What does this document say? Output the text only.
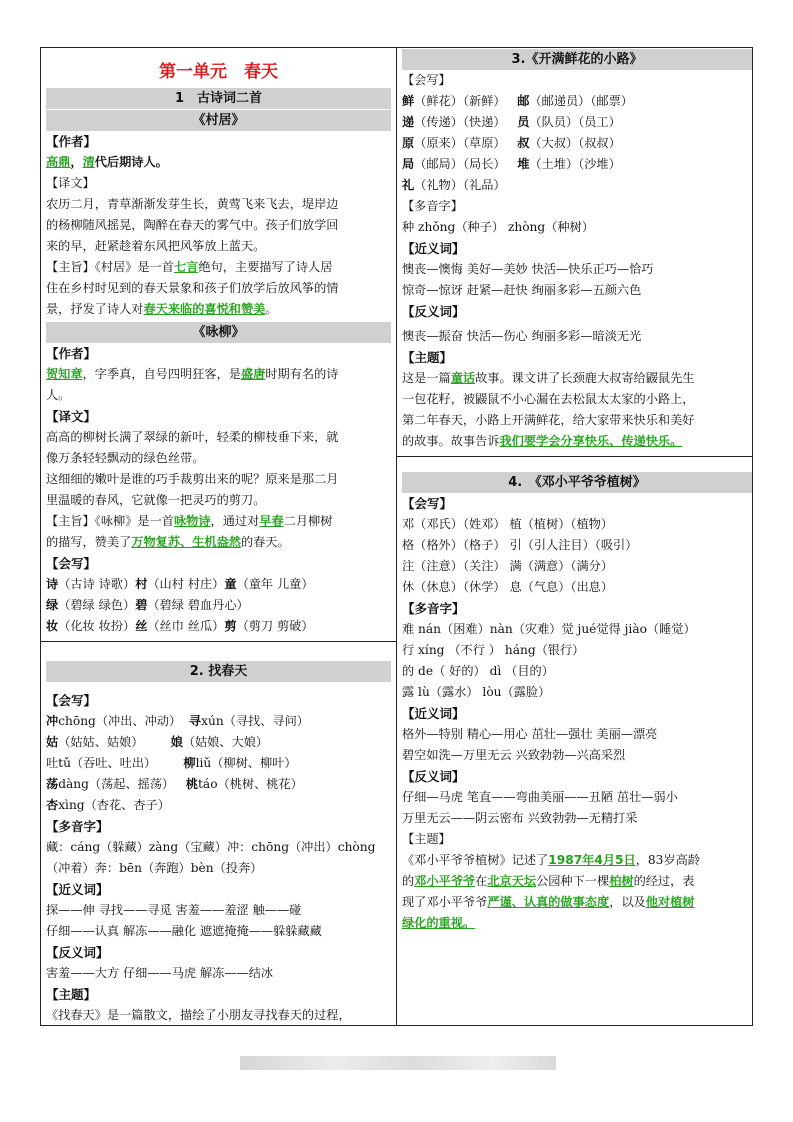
第一单元　春天

1　古诗词二首
《村居》

【作者】

高鼎，清代后期诗人。

【译文】

农历二月，青草渐渐发芽生长，黄莺飞来飞去，堤岸边

的杨柳随风摇晃，陶醉在春天的雾气中。孩子们放学回

来的早，赶紧趁着东风把风筝放上蓝天。

【主旨】《村居》是一首七言绝句，主要描写了诗人居

住在乡村时见到的春天景象和孩子们放学后放风筝的情

景，抒发了诗人对春天来临的喜悦和赞美。

《咏柳》

【作者】

贺知章，字季真，自号四明狂客，是盛唐时期有名的诗

人。

【译文】

高高的柳树长满了翠绿的新叶，轻柔的柳枝垂下来，就

像万条轻轻飘动的绿色丝带。

这细细的嫩叶是谁的巧手裁剪出来的呢？原来是那二月

里温暖的春风，它就像一把灵巧的剪刀。

【主旨】《咏柳》是一首咏物诗，通过对早春二月柳树

的描写，赞美了万物复苏、生机盎然的春天。

【会写】

诗（古诗 诗歌）村（山村 村庄）童（童年 儿童）

绿（碧绿 绿色）碧（碧绿 碧血丹心）

妆（化妆 妆扮）丝（丝巾 丝瓜）剪（剪刀 剪破）

2. 找春天

【会写】

冲chōng（冲出、冲动） 寻xún（寻找、寻问）

姑（姑姑、姑娘） 娘（姑娘、大娘）

吐tǔ（吞吐、吐出） 柳liǔ（柳树、柳叶）

荡dàng（荡起、摇荡） 桃táo（桃树、桃花）

杏xìng（杏花、杏子）

【多音字】

藏：cáng（躲藏）zàng（宝藏）冲：chōng（冲出）chòng

（冲着）奔：bēn（奔跑）bèn（投奔）

【近义词】

探——伸 寻找——寻觅 害羞——羞涩 触——碰

仔细——认真 解冻——融化 遮遮掩掩——躲躲藏藏

【反义词】

害羞——大方 仔细——马虎 解冻——结冰

【主题】

《找春天》是一篇散文，描绘了小朋友寻找春天的过程，

3.《开满鲜花的小路》

【会写】

鲜（鲜花）（新鲜） 邮（邮递员）（邮票）

递（传递）（快递） 员（队员）（员工）

原（原来）（草原） 叔（大叔）（叔叔）

局（邮局）（局长） 堆（土堆）（沙堆）

礼（礼物）（礼品）

【多音字】

种 zhǒng（种子） zhòng（种树）

【近义词】

懊丧—懊悔 美好—美妙 快活—快乐正巧—恰巧

惊奇—惊讶 赶紧—赶快 绚丽多彩—五颜六色

【反义词】

懊丧—振奋 快活—伤心 绚丽多彩—暗淡无光

【主题】

这是一篇童话故事。课文讲了长颈鹿大叔寄给鼹鼠先生

一包花籽，被鼹鼠不小心漏在去松鼠太太家的小路上，

第二年春天，小路上开满鲜花，给大家带来快乐和美好

的故事。故事告诉我们要学会分享快乐、传递快乐。

4.　《邓小平爷爷植树》

【会写】

邓（邓氏）（姓邓） 植（植树）（植物）

格（格外）（格子） 引（引人注目）（吸引）

注（注意）（关注） 满（满意）（满分）

休（休息）（休学） 息（气息）（出息）

【多音字】

难 nán（困难）nàn（灾难）觉 jué觉得 jiào（睡觉）

行 xíng （不行 ） háng（银行）

的 de（ 好的） dì （目的）

露 lù（露水） lòu（露脸）

【近义词】

格外—特别 精心—用心 茁壮—强壮 美丽—漂亮

碧空如洗—万里无云 兴致勃勃—兴高采烈

【反义词】

仔细—马虎 笔直——弯曲美丽——丑陋 茁壮—弱小

万里无云——阴云密布 兴致勃勃—无精打采

【主题】

《邓小平爷爷植树》记述了1987年4月5日，83岁高龄

的邓小平爷爷在北京天坛公园种下一棵柏树的经过，表

现了邓小平爷爷严谨、认真的做事态度，以及他对植树

绿化的重视。
